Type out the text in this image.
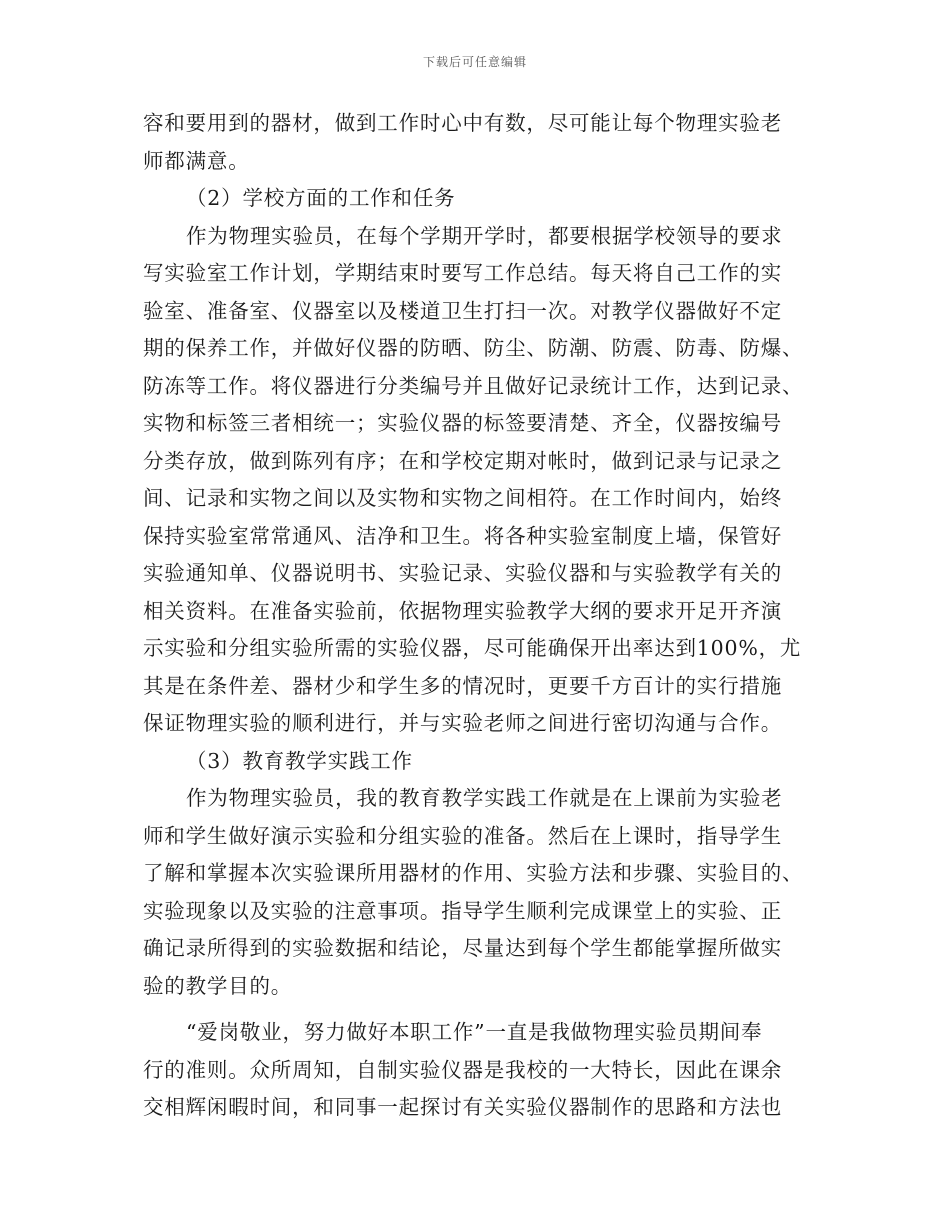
下载后可任意编辑
容和要用到的器材，做到工作时心中有数，尽可能让每个物理实验老
师都满意。
（2）学校方面的工作和任务
作为物理实验员，在每个学期开学时，都要根据学校领导的要求
写实验室工作计划，学期结束时要写工作总结。每天将自己工作的实
验室、准备室、仪器室以及楼道卫生打扫一次。对教学仪器做好不定
期的保养工作，并做好仪器的防晒、防尘、防潮、防震、防毒、防爆、
防冻等工作。将仪器进行分类编号并且做好记录统计工作，达到记录、
实物和标签三者相统一；实验仪器的标签要清楚、齐全，仪器按编号
分类存放，做到陈列有序；在和学校定期对帐时，做到记录与记录之
间、记录和实物之间以及实物和实物之间相符。在工作时间内，始终
保持实验室常常通风、洁净和卫生。将各种实验室制度上墙，保管好
实验通知单、仪器说明书、实验记录、实验仪器和与实验教学有关的
相关资料。在准备实验前，依据物理实验教学大纲的要求开足开齐演
示实验和分组实验所需的实验仪器，尽可能确保开出率达到100%，尤
其是在条件差、器材少和学生多的情况时，更要千方百计的实行措施
保证物理实验的顺利进行，并与实验老师之间进行密切沟通与合作。
（3）教育教学实践工作
作为物理实验员，我的教育教学实践工作就是在上课前为实验老
师和学生做好演示实验和分组实验的准备。然后在上课时，指导学生
了解和掌握本次实验课所用器材的作用、实验方法和步骤、实验目的、
实验现象以及实验的注意事项。指导学生顺利完成课堂上的实验、正
确记录所得到的实验数据和结论，尽量达到每个学生都能掌握所做实
验的教学目的。
“爱岗敬业，努力做好本职工作”一直是我做物理实验员期间奉
行的准则。众所周知，自制实验仪器是我校的一大特长，因此在课余
交相辉闲暇时间，和同事一起探讨有关实验仪器制作的思路和方法也
